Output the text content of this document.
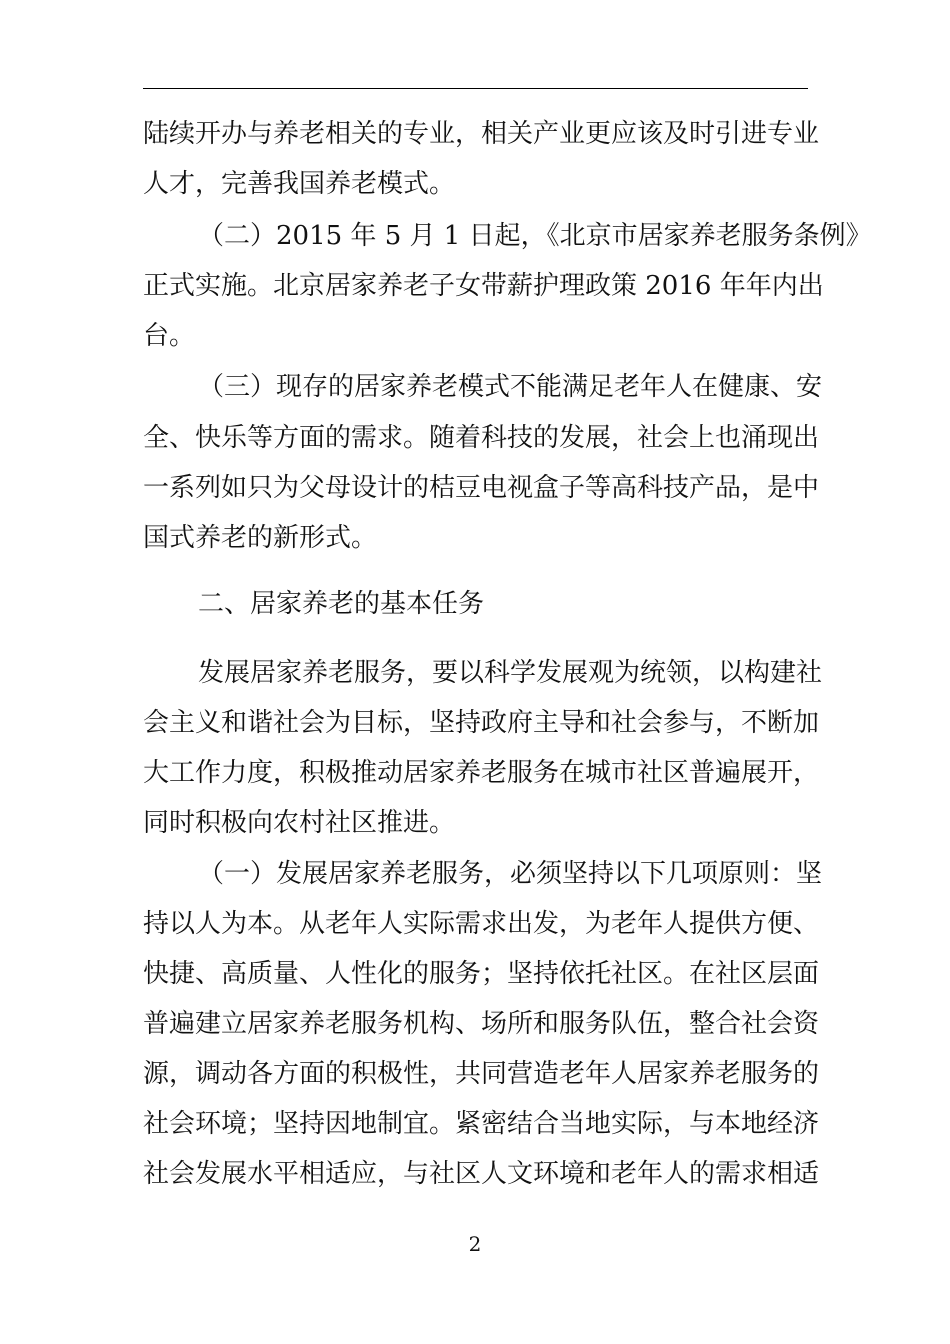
陆续开办与养老相关的专业，相关产业更应该及时引进专业
人才，完善我国养老模式。
（二）2015 年 5 月 1 日起，《北京市居家养老服务条例》
正式实施。北京居家养老子女带薪护理政策 2016 年年内出
台。
（三）现存的居家养老模式不能满足老年人在健康、安
全、快乐等方面的需求。随着科技的发展，社会上也涌现出
一系列如只为父母设计的桔豆电视盒子等高科技产品，是中
国式养老的新形式。
二、居家养老的基本任务
发展居家养老服务，要以科学发展观为统领，以构建社
会主义和谐社会为目标，坚持政府主导和社会参与，不断加
大工作力度，积极推动居家养老服务在城市社区普遍展开，
同时积极向农村社区推进。
（一）发展居家养老服务，必须坚持以下几项原则：坚
持以人为本。从老年人实际需求出发，为老年人提供方便、
快捷、高质量、人性化的服务；坚持依托社区。在社区层面
普遍建立居家养老服务机构、场所和服务队伍，整合社会资
源，调动各方面的积极性，共同营造老年人居家养老服务的
社会环境；坚持因地制宜。紧密结合当地实际，与本地经济
社会发展水平相适应，与社区人文环境和老年人的需求相适
2
